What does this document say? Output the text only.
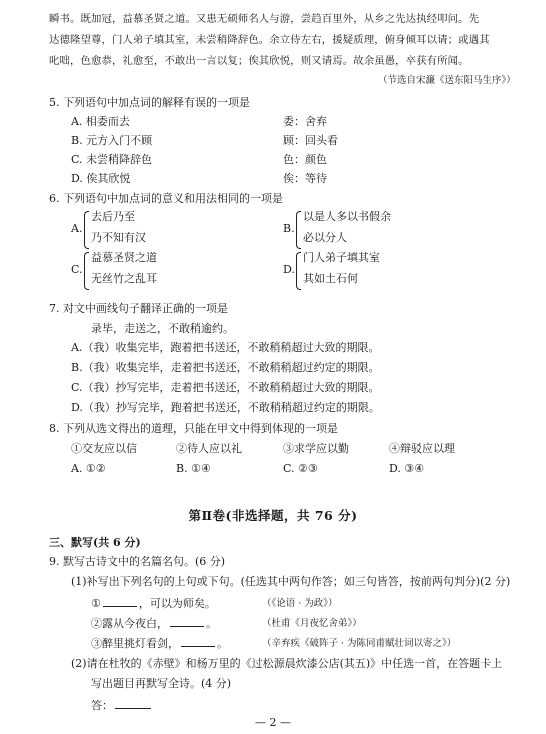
瞬书。既加冠，益慕圣贤之道。又患无硕师名人与游，尝趋百里外，从乡之先达执经叩问。先
达德隆望尊，门人弟子填其室，未尝稍降辞色。余立侍左右，援疑质理，俯身倾耳以请；或遇其
叱咄，色愈恭，礼愈至，不敢出一言以复；俟其欣悦，则又请焉。故余虽愚，卒获有所闻。
（节选自宋濂《送东阳马生序》）
5. 下列语句中加点词的解释有误的一项是
A. 相委而去	委：舍弃
B. 元方入门不顾	顾：回头看
C. 未尝稍降辞色	色：颜色
D. 俟其欣悦	俟：等待
6. 下列语句中加点词的意义和用法相同的一项是
A.
去后乃至
乃不知有汉
B.
以是人多以书假余
必以分人
C.
益慕圣贤之道
无丝竹之乱耳
D.
门人弟子填其室
其如土石何
7. 对文中画线句子翻译正确的一项是
录毕，走送之，不敢稍逾约。
A.（我）收集完毕，跑着把书送还，不敢稍稍超过大致的期限。
B.（我）收集完毕，走着把书送还，不敢稍稍超过约定的期限。
C.（我）抄写完毕，走着把书送还，不敢稍稍超过大致的期限。
D.（我）抄写完毕，跑着把书送还，不敢稍稍超过约定的期限。
8. 下列从选文得出的道理，只能在甲文中得到体现的一项是
①交友应以信	②待人应以礼	③求学应以勤	④辩驳应以理
A. ①②	B. ①④	C. ②③	D. ③④
第Ⅱ卷(非选择题，共 76 分)
三、默写(共 6 分)
9. 默写古诗文中的名篇名句。(6 分)
(1)补写出下列名句的上句或下句。(任选其中两句作答；如三句皆答，按前两句判分)(2 分)
①	，可以为师矣。	（《论语 · 为政》）
②露从今夜白，	。	（杜甫《月夜忆舍弟》）
③醉里挑灯看剑，	。	（辛弃疾《破阵子 · 为陈同甫赋壮词以寄之》）
(2)请在杜牧的《赤壁》和杨万里的《过松源晨炊漆公店(其五)》中任选一首，在答题卡上
写出题目再默写全诗。(4 分)
答：
— 2 —
